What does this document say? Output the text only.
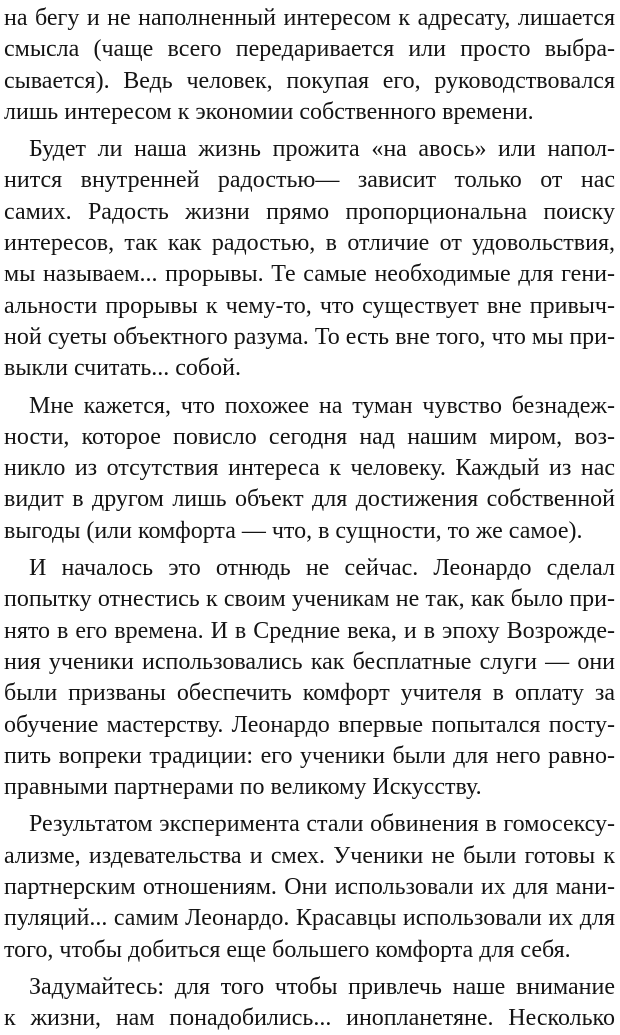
на бегу и не наполненный интересом к адресату, лишается
смысла (чаще всего передаривается или просто выбра-
сывается). Ведь человек, покупая его, руководствовался
лишь интересом к экономии собственного времени.

Будет ли наша жизнь прожита «на авось» или напол-
нится внутренней радостью— зависит только от нас
самих. Радость жизни прямо пропорциональна поиску
интересов, так как радостью, в отличие от удовольствия,
мы называем... прорывы. Те самые необходимые для гени-
альности прорывы к чему-то, что существует вне привыч-
ной суеты объектного разума. То есть вне того, что мы при-
выкли считать... собой.

Мне кажется, что похожее на туман чувство безнадеж-
ности, которое повисло сегодня над нашим миром, воз-
никло из отсутствия интереса к человеку. Каждый из нас
видит в другом лишь объект для достижения собственной
выгоды (или комфорта — что, в сущности, то же самое).

И началось это отнюдь не сейчас. Леонардо сделал
попытку отнестись к своим ученикам не так, как было при-
нято в его времена. И в Средние века, и в эпоху Возрожде-
ния ученики использовались как бесплатные слуги — они
были призваны обеспечить комфорт учителя в оплату за
обучение мастерству. Леонардо впервые попытался посту-
пить вопреки традиции: его ученики были для него равно-
правными партнерами по великому Искусству.

Результатом эксперимента стали обвинения в гомосексу-
ализме, издевательства и смех. Ученики не были готовы к
партнерским отношениям. Они использовали их для мани-
пуляций... самим Леонардо. Красавцы использовали их для
того, чтобы добиться еще большего комфорта для себя.

Задумайтесь: для того чтобы привлечь наше внимание
к жизни, нам понадобились... инопланетяне. Несколько
